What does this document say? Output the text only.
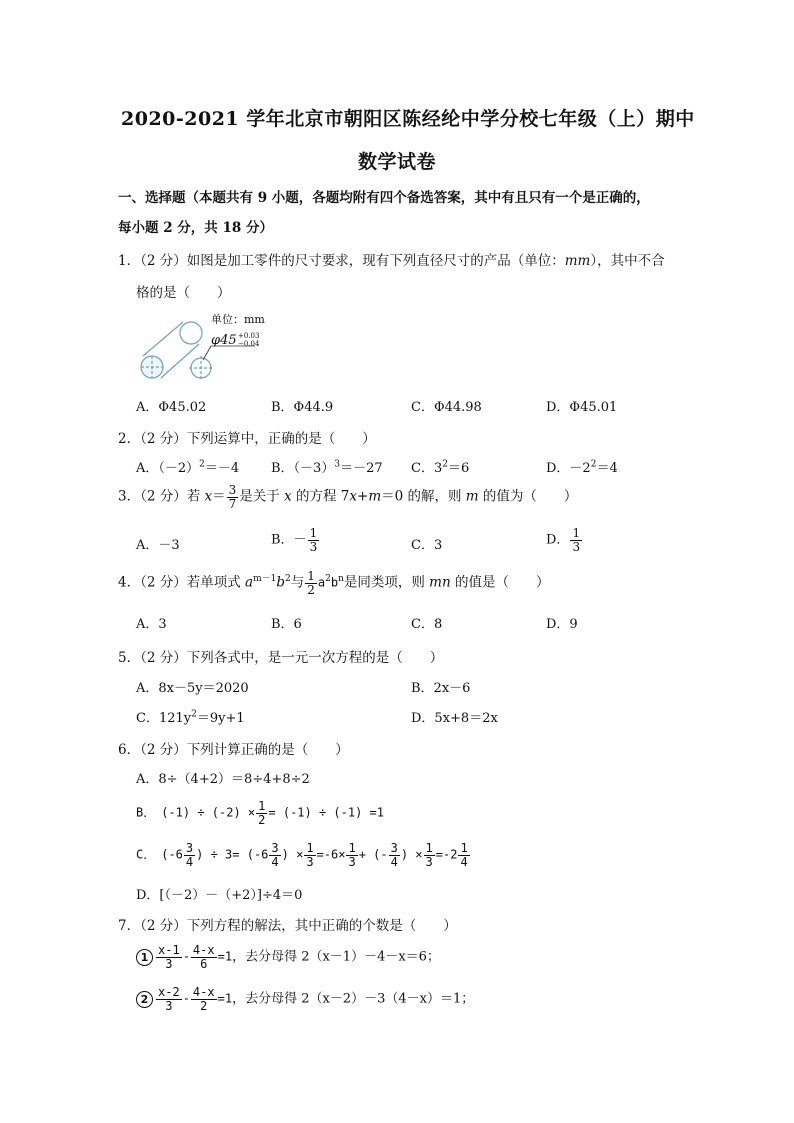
2020-2021 学年北京市朝阳区陈经纶中学分校七年级（上）期中
数学试卷
一、选择题（本题共有 9 小题，各题均附有四个备选答案，其中有且只有一个是正确的，
每小题 2 分，共 18 分）
1．（2 分）如图是加工零件的尺寸要求，现有下列直径尺寸的产品（单位：mm），其中不合
格的是（　　）
单位：mm
φ45 +0.03
−0.04
A．Φ45.02	B．Φ44.9	C．Φ44.98	D．Φ45.01
2．（2 分）下列运算中，正确的是（　　）
A．$(-2)^2=-4$ B．$(-3)^3=-27$ C．$3^2=6$	D．$-2^2=4$
3．（2 分）若 $x= \frac{3}{7}$ 是关于 x 的方程 7x+m＝0 的解，则 m 的值为（　　）
A．－3	B．－ $\frac{1}{3}$	C．3	D． $\frac{1}{3}$
4．（2 分）若单项式 $a^{m-1}b^2$与 $\frac{1}{2} a^2b^n$是同类项，则 mn 的值是（　　）
A．3	B．6	C．8	D．9
5．（2 分）下列各式中，是一元一次方程的是（　　）
A．8x－5y＝2020	B．2x－6
C．$121y^2=9y+1$	D．5x+8＝2x
6．（2 分）下列计算正确的是（　　）
A．8÷（4+2）＝8÷4+8÷2
B．　$(-1) \div (-2) \times \frac{1}{2} = (-1) \div (-1) =1$
C．　($-6 \frac{3}{4}$ ) ÷ $3= (-6 \frac{3}{4}$ ) × $\frac{1}{3} =-6\times \frac{1}{3}$ + (- $\frac{3}{4}$ ) × $\frac{1}{3} =-2 \frac{1}{4}$
D．[（－2）－（+2）]÷4＝0
7．（2 分）下列方程的解法，其中正确的个数是（　　）
$1 \frac{x-1}{3} - \frac{4-x}{6} =1$，去分母得 2（x－1）－4－x＝6；
$2 \frac{x-2}{3} - \frac{4-x}{2} =1$，去分母得 2（x－2）－3（4－x）＝1；
